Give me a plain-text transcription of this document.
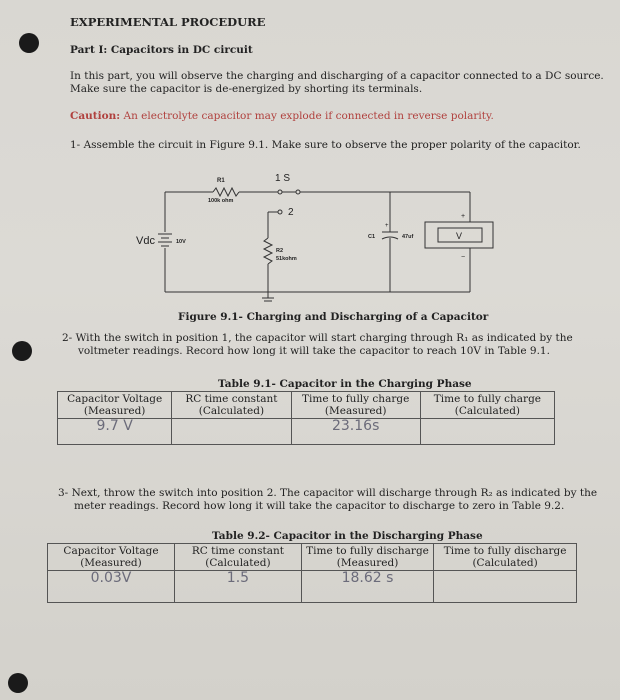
EXPERIMENTAL PROCEDURE
Part I: Capacitors in DC circuit
In this part, you will observe the charging and discharging of a capacitor connected to a DC source.
Make sure the capacitor is de-energized by shorting its terminals.
Caution: An electrolyte capacitor may explode if connected in reverse polarity.
1- Assemble the circuit in Figure 9.1. Make sure to observe the proper polarity of the capacitor.
R1
100k ohm
1 S
2
Vdc	10V
R2
51kohm
+
C1	47uf	V
+
−
Figure 9.1- Charging and Discharging of a Capacitor
2- With the switch in position 1, the capacitor will start charging through R₁ as indicated by the
voltmeter readings. Record how long it will take the capacitor to reach 10V in Table 9.1.
Table 9.1- Capacitor in the Charging Phase
Capacitor Voltage (Measured)	RC time constant (Calculated)	Time to fully charge (Measured)	Time to fully charge (Calculated)
9.7 V		23.16s	
3- Next, throw the switch into position 2. The capacitor will discharge through R₂ as indicated by the
meter readings. Record how long it will take the capacitor to discharge to zero in Table 9.2.
Table 9.2- Capacitor in the Discharging Phase
Capacitor Voltage (Measured)	RC time constant (Calculated)	Time to fully discharge (Measured)	Time to fully discharge (Calculated)
0.03V	1.5	18.62 s	
